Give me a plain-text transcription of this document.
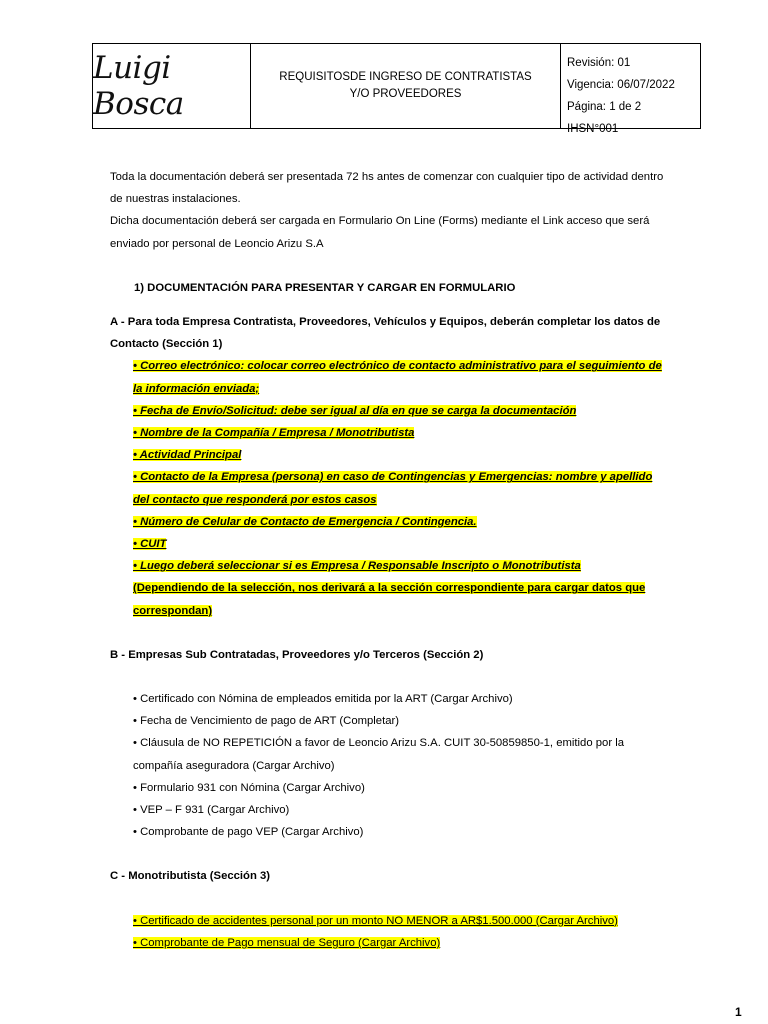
Luigi Bosca
REQUISITOSDE INGRESO DE CONTRATISTAS Y/O PROVEEDORES
Revisión: 01
Vigencia: 06/07/2022
Página: 1 de 2 IHSN°001

Toda la documentación deberá ser presentada 72 hs antes de comenzar con cualquier tipo de actividad dentro de nuestras instalaciones.

Dicha documentación deberá ser cargada en Formulario On Line (Forms) mediante el Link acceso que será enviado por personal de Leoncio Arizu S.A

1) DOCUMENTACIÓN PARA PRESENTAR Y CARGAR EN FORMULARIO

A - Para toda Empresa Contratista, Proveedores, Vehículos y Equipos, deberán completar los datos de Contacto (Sección 1)

• Correo electrónico: colocar correo electrónico de contacto administrativo para el seguimiento de la información enviada;

• Fecha de Envío/Solicitud: debe ser igual al día en que se carga la documentación

• Nombre de la Compañía / Empresa / Monotributista

• Actividad Principal

• Contacto de la Empresa (persona) en caso de Contingencias y Emergencias: nombre y apellido del contacto que responderá por estos casos

• Número de Celular de Contacto de Emergencia / Contingencia.

• CUIT

• Luego deberá seleccionar si es Empresa / Responsable Inscripto o Monotributista

(Dependiendo de la selección, nos derivará a la sección correspondiente para cargar datos que correspondan)

B - Empresas Sub Contratadas, Proveedores y/o Terceros (Sección 2)

• Certificado con Nómina de empleados emitida por la ART (Cargar Archivo)

• Fecha de Vencimiento de pago de ART (Completar)

• Cláusula de NO REPETICIÓN a favor de Leoncio Arizu S.A. CUIT 30-50859850-1, emitido por la compañía aseguradora (Cargar Archivo)

• Formulario 931 con Nómina (Cargar Archivo)

• VEP – F 931 (Cargar Archivo)

• Comprobante de pago VEP (Cargar Archivo)

C - Monotributista (Sección 3)

• Certificado de accidentes personal por un monto NO MENOR a AR$1.500.000 (Cargar Archivo)

• Comprobante de Pago mensual de Seguro (Cargar Archivo)

1
